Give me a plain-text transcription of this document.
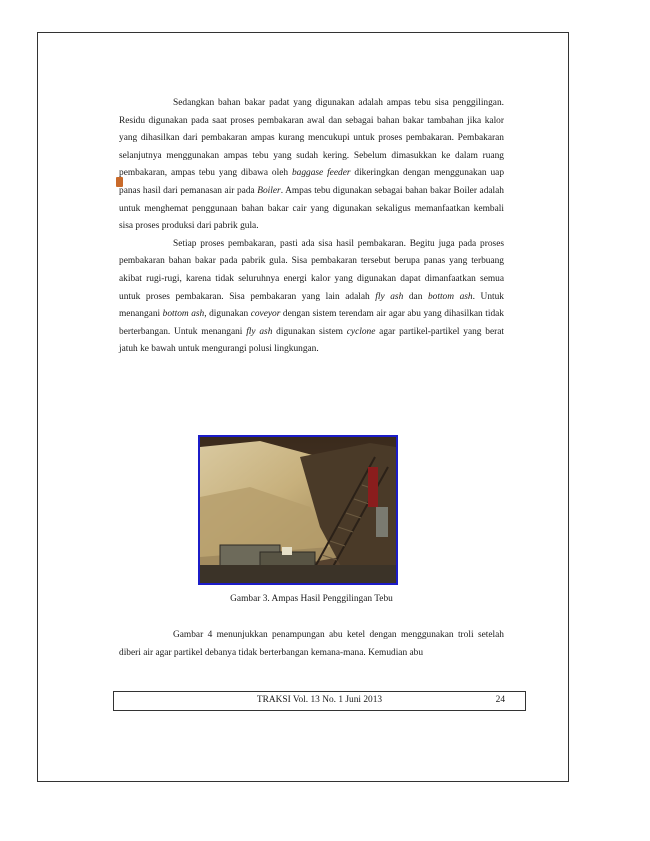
Sedangkan bahan bakar padat yang digunakan adalah ampas tebu sisa penggilingan. Residu digunakan pada saat proses pembakaran awal dan sebagai bahan bakar tambahan jika kalor yang dihasilkan dari pembakaran ampas kurang mencukupi untuk proses pembakaran. Pembakaran selanjutnya menggunakan ampas tebu yang sudah kering. Sebelum dimasukkan ke dalam ruang pembakaran, ampas tebu yang dibawa oleh baggase feeder dikeringkan dengan menggunakan uap panas hasil dari pemanasan air pada Boiler. Ampas tebu digunakan sebagai bahan bakar Boiler adalah untuk menghemat penggunaan bahan bakar cair yang digunakan sekaligus memanfaatkan kembali sisa proses produksi dari pabrik gula.

Setiap proses pembakaran, pasti ada sisa hasil pembakaran. Begitu juga pada proses pembakaran bahan bakar pada pabrik gula. Sisa pembakaran tersebut berupa panas yang terbuang akibat rugi-rugi, karena tidak seluruhnya energi kalor yang digunakan dapat dimanfaatkan semua untuk proses pembakaran. Sisa pembakaran yang lain adalah fly ash dan bottom ash. Untuk menangani bottom ash, digunakan coveyor dengan sistem terendam air agar abu yang dihasilkan tidak berterbangan. Untuk menangani fly ash digunakan sistem cyclone agar partikel-partikel yang berat jatuh ke bawah untuk mengurangi polusi lingkungan.

Gambar 3. Ampas Hasil Penggilingan Tebu
Gambar 4 menunjukkan penampungan abu ketel dengan menggunakan troli setelah diberi air agar partikel debanya tidak berterbangan kemana-mana. Kemudian abu
TRAKSI Vol. 13 No. 1 Juni 2013	24
